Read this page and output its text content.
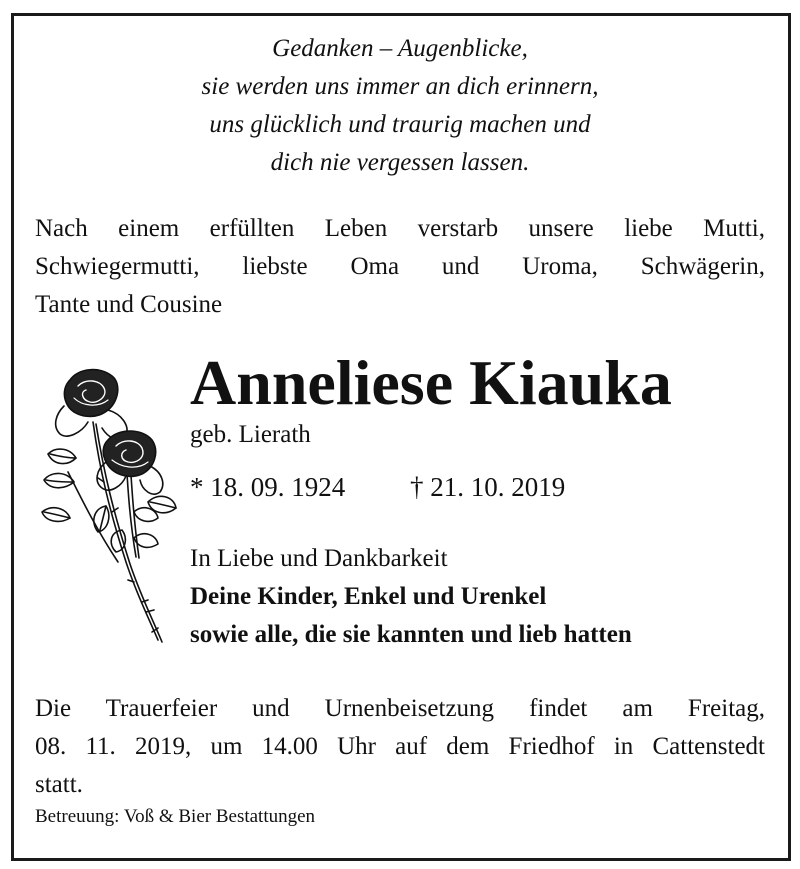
Gedanken – Augenblicke,
sie werden uns immer an dich erinnern,
uns glücklich und traurig machen und
dich nie vergessen lassen.
Nach einem erfüllten Leben verstarb unsere liebe Mutti,
Schwiegermutti, liebste Oma und Uroma, Schwägerin,
Tante und Cousine
Anneliese Kiauka
geb. Lierath
* 18. 09. 1924 † 21. 10. 2019
In Liebe und Dankbarkeit
Deine Kinder, Enkel und Urenkel
sowie alle, die sie kannten und lieb hatten
Die Trauerfeier und Urnenbeisetzung findet am Freitag,
08. 11. 2019, um 14.00 Uhr auf dem Friedhof in Cattenstedt
statt.
Betreuung: Voß & Bier Bestattungen
